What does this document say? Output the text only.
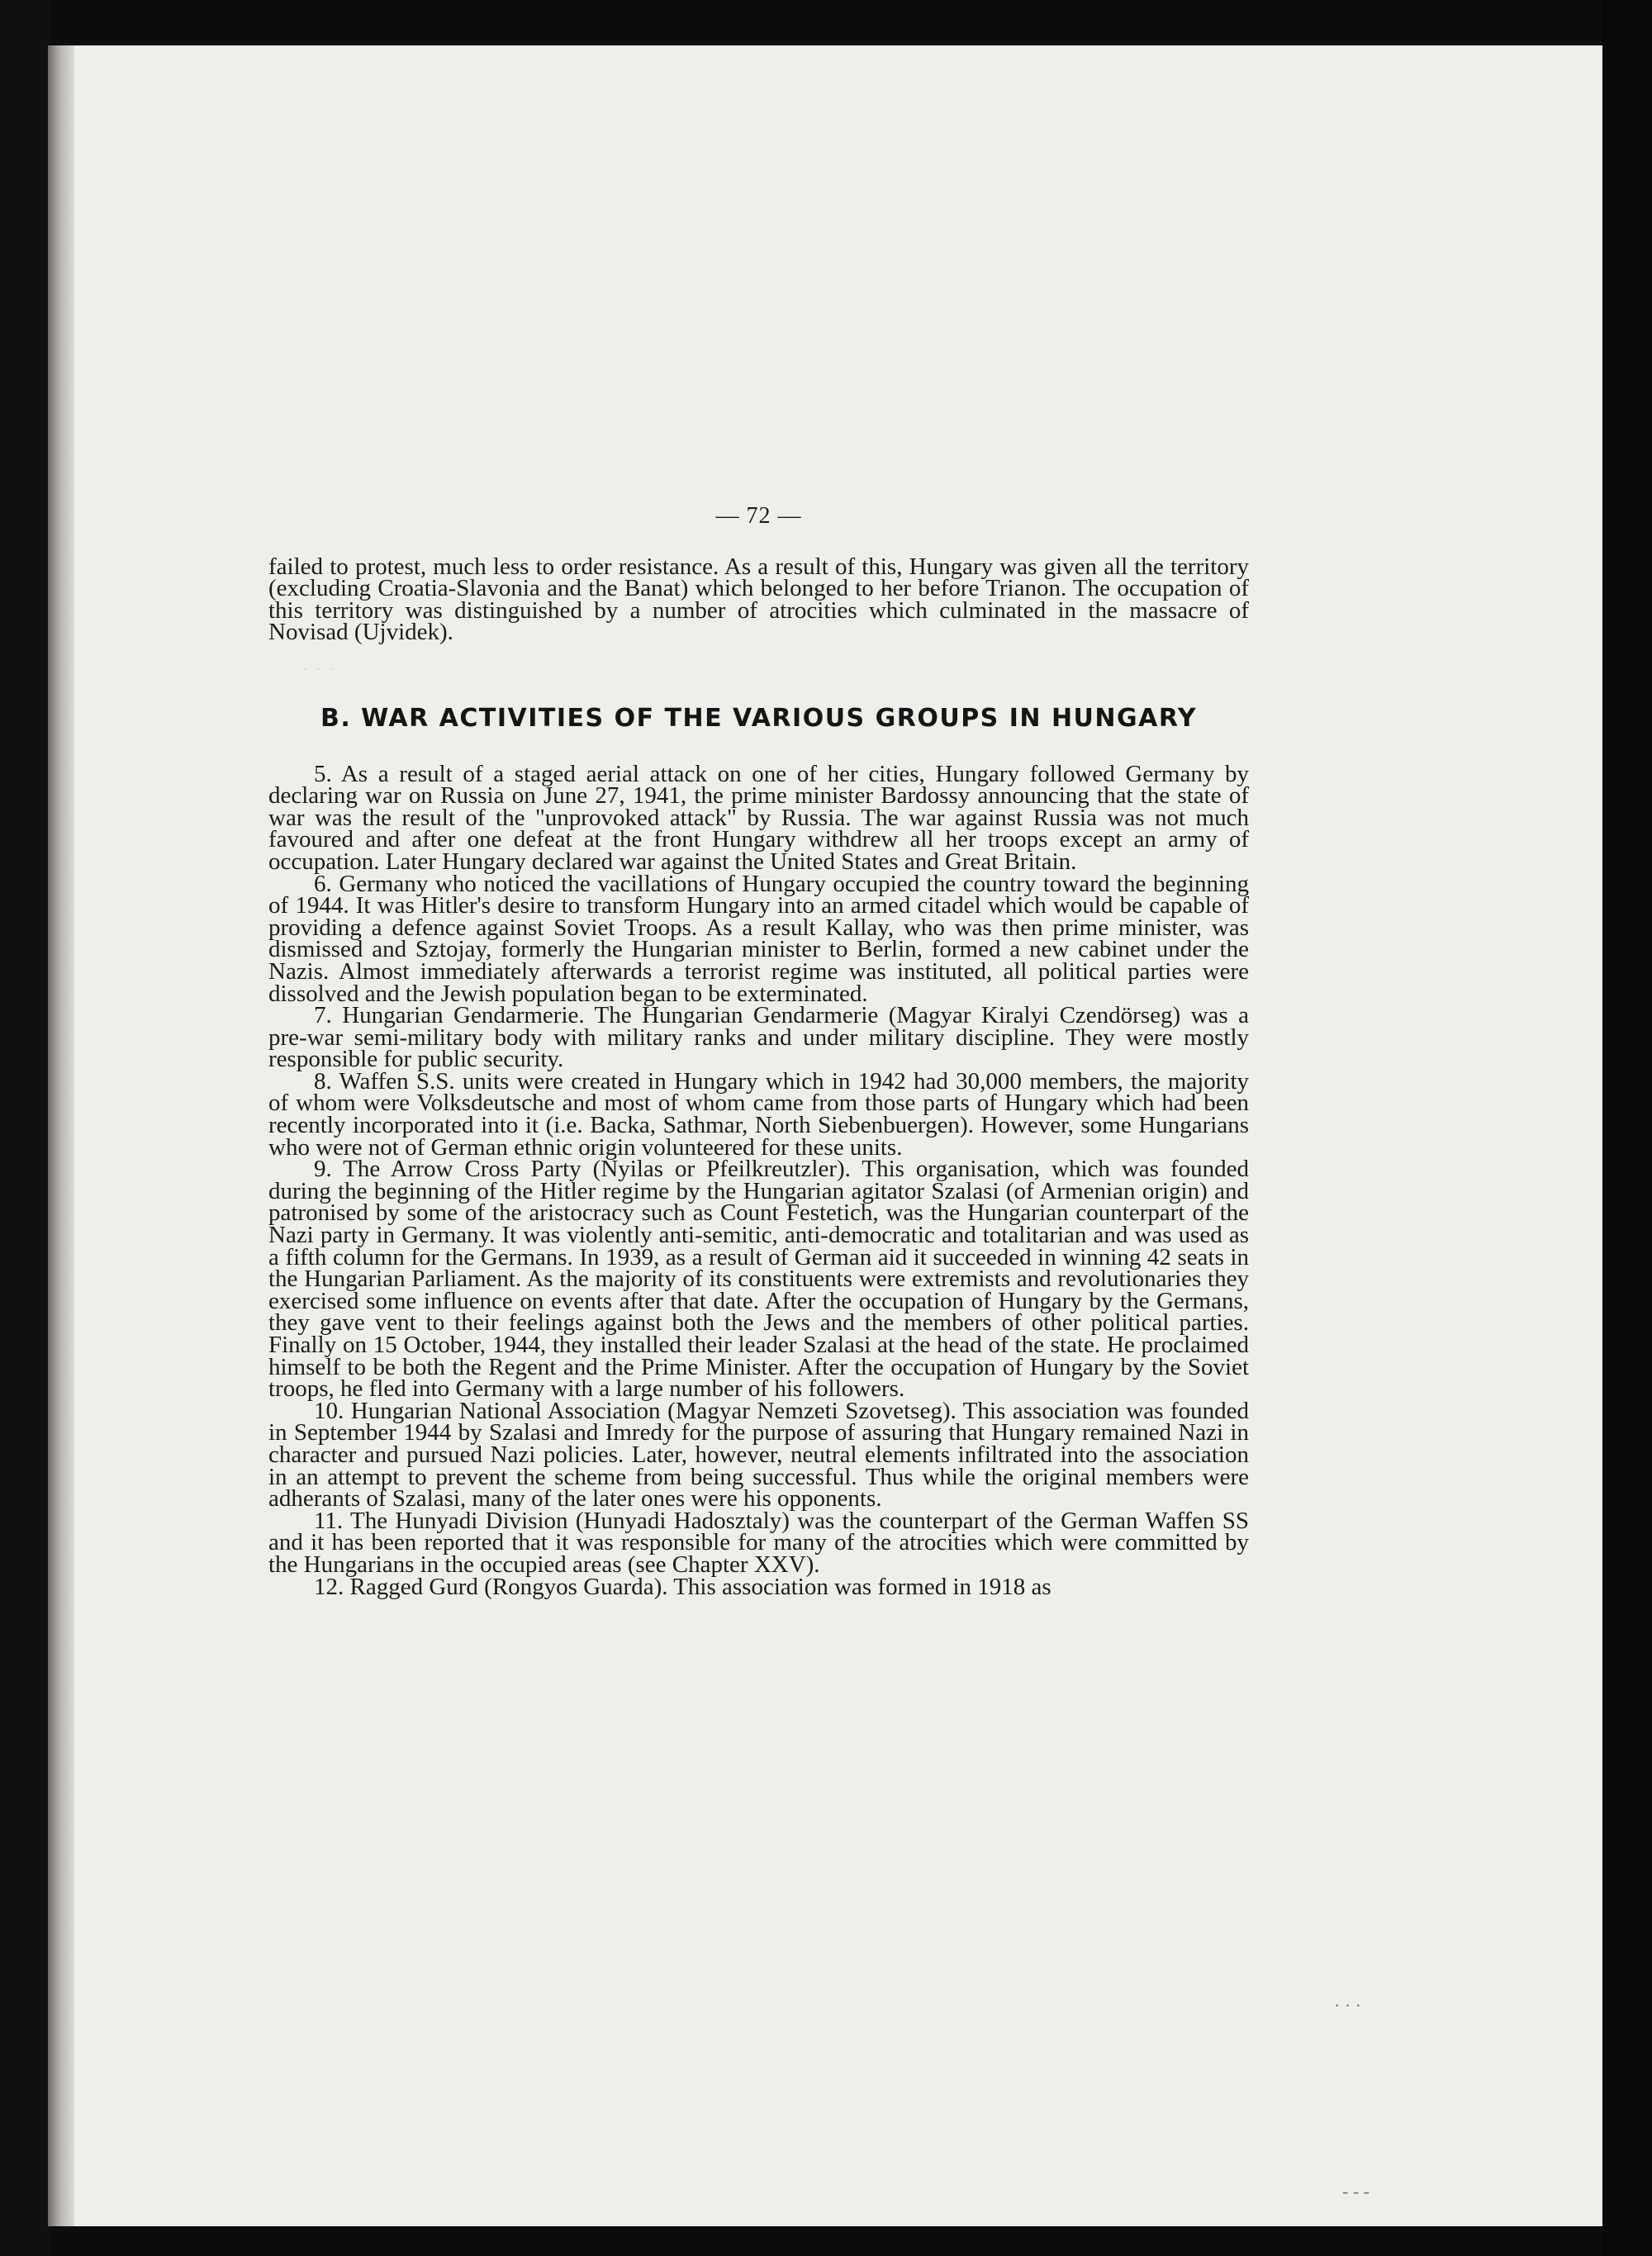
· · ·
· · ·
- - -
— 72 —

failed to protest, much less to order resistance. As a result of this, Hungary was given all the territory (excluding Croatia-Slavonia and the Banat) which belonged to her before Trianon. The occupation of this territory was distinguished by a number of atrocities which culminated in the massacre of Novisad (Ujvidek).

B. WAR ACTIVITIES OF THE VARIOUS GROUPS IN HUNGARY

5. As a result of a staged aerial attack on one of her cities, Hungary followed Germany by declaring war on Russia on June 27, 1941, the prime minister Bardossy announcing that the state of war was the result of the "unprovoked attack" by Russia. The war against Russia was not much favoured and after one defeat at the front Hungary withdrew all her troops except an army of occupation. Later Hungary declared war against the United States and Great Britain.

6. Germany who noticed the vacillations of Hungary occupied the country toward the beginning of 1944. It was Hitler's desire to transform Hungary into an armed citadel which would be capable of providing a defence against Soviet Troops. As a result Kallay, who was then prime minister, was dismissed and Sztojay, formerly the Hungarian minister to Berlin, formed a new cabinet under the Nazis. Almost immediately afterwards a terrorist regime was instituted, all political parties were dissolved and the Jewish population began to be exterminated.

7. Hungarian Gendarmerie. The Hungarian Gendarmerie (Magyar Kiralyi Czendörseg) was a pre-war semi-military body with military ranks and under military discipline. They were mostly responsible for public security.

8. Waffen S.S. units were created in Hungary which in 1942 had 30,000 members, the majority of whom were Volksdeutsche and most of whom came from those parts of Hungary which had been recently incorporated into it (i.e. Backa, Sathmar, North Siebenbuergen). However, some Hungarians who were not of German ethnic origin volunteered for these units.

9. The Arrow Cross Party (Nyilas or Pfeilkreutzler). This organisation, which was founded during the beginning of the Hitler regime by the Hungarian agitator Szalasi (of Armenian origin) and patronised by some of the aristocracy such as Count Festetich, was the Hungarian counterpart of the Nazi party in Germany. It was violently anti-semitic, anti-democratic and totalitarian and was used as a fifth column for the Germans. In 1939, as a result of German aid it succeeded in winning 42 seats in the Hungarian Parliament. As the majority of its constituents were extremists and revolutionaries they exercised some influence on events after that date. After the occupation of Hungary by the Germans, they gave vent to their feelings against both the Jews and the members of other political parties. Finally on 15 October, 1944, they installed their leader Szalasi at the head of the state. He proclaimed himself to be both the Regent and the Prime Minister. After the occupation of Hungary by the Soviet troops, he fled into Germany with a large number of his followers.

10. Hungarian National Association (Magyar Nemzeti Szovetseg). This association was founded in September 1944 by Szalasi and Imredy for the purpose of assuring that Hungary remained Nazi in character and pursued Nazi policies. Later, however, neutral elements infiltrated into the association in an attempt to prevent the scheme from being successful. Thus while the original members were adherants of Szalasi, many of the later ones were his opponents.

11. The Hunyadi Division (Hunyadi Hadosztaly) was the counterpart of the German Waffen SS and it has been reported that it was responsible for many of the atrocities which were committed by the Hungarians in the occupied areas (see Chapter XXV).

12. Ragged Gurd (Rongyos Guarda). This association was formed in 1918 as
